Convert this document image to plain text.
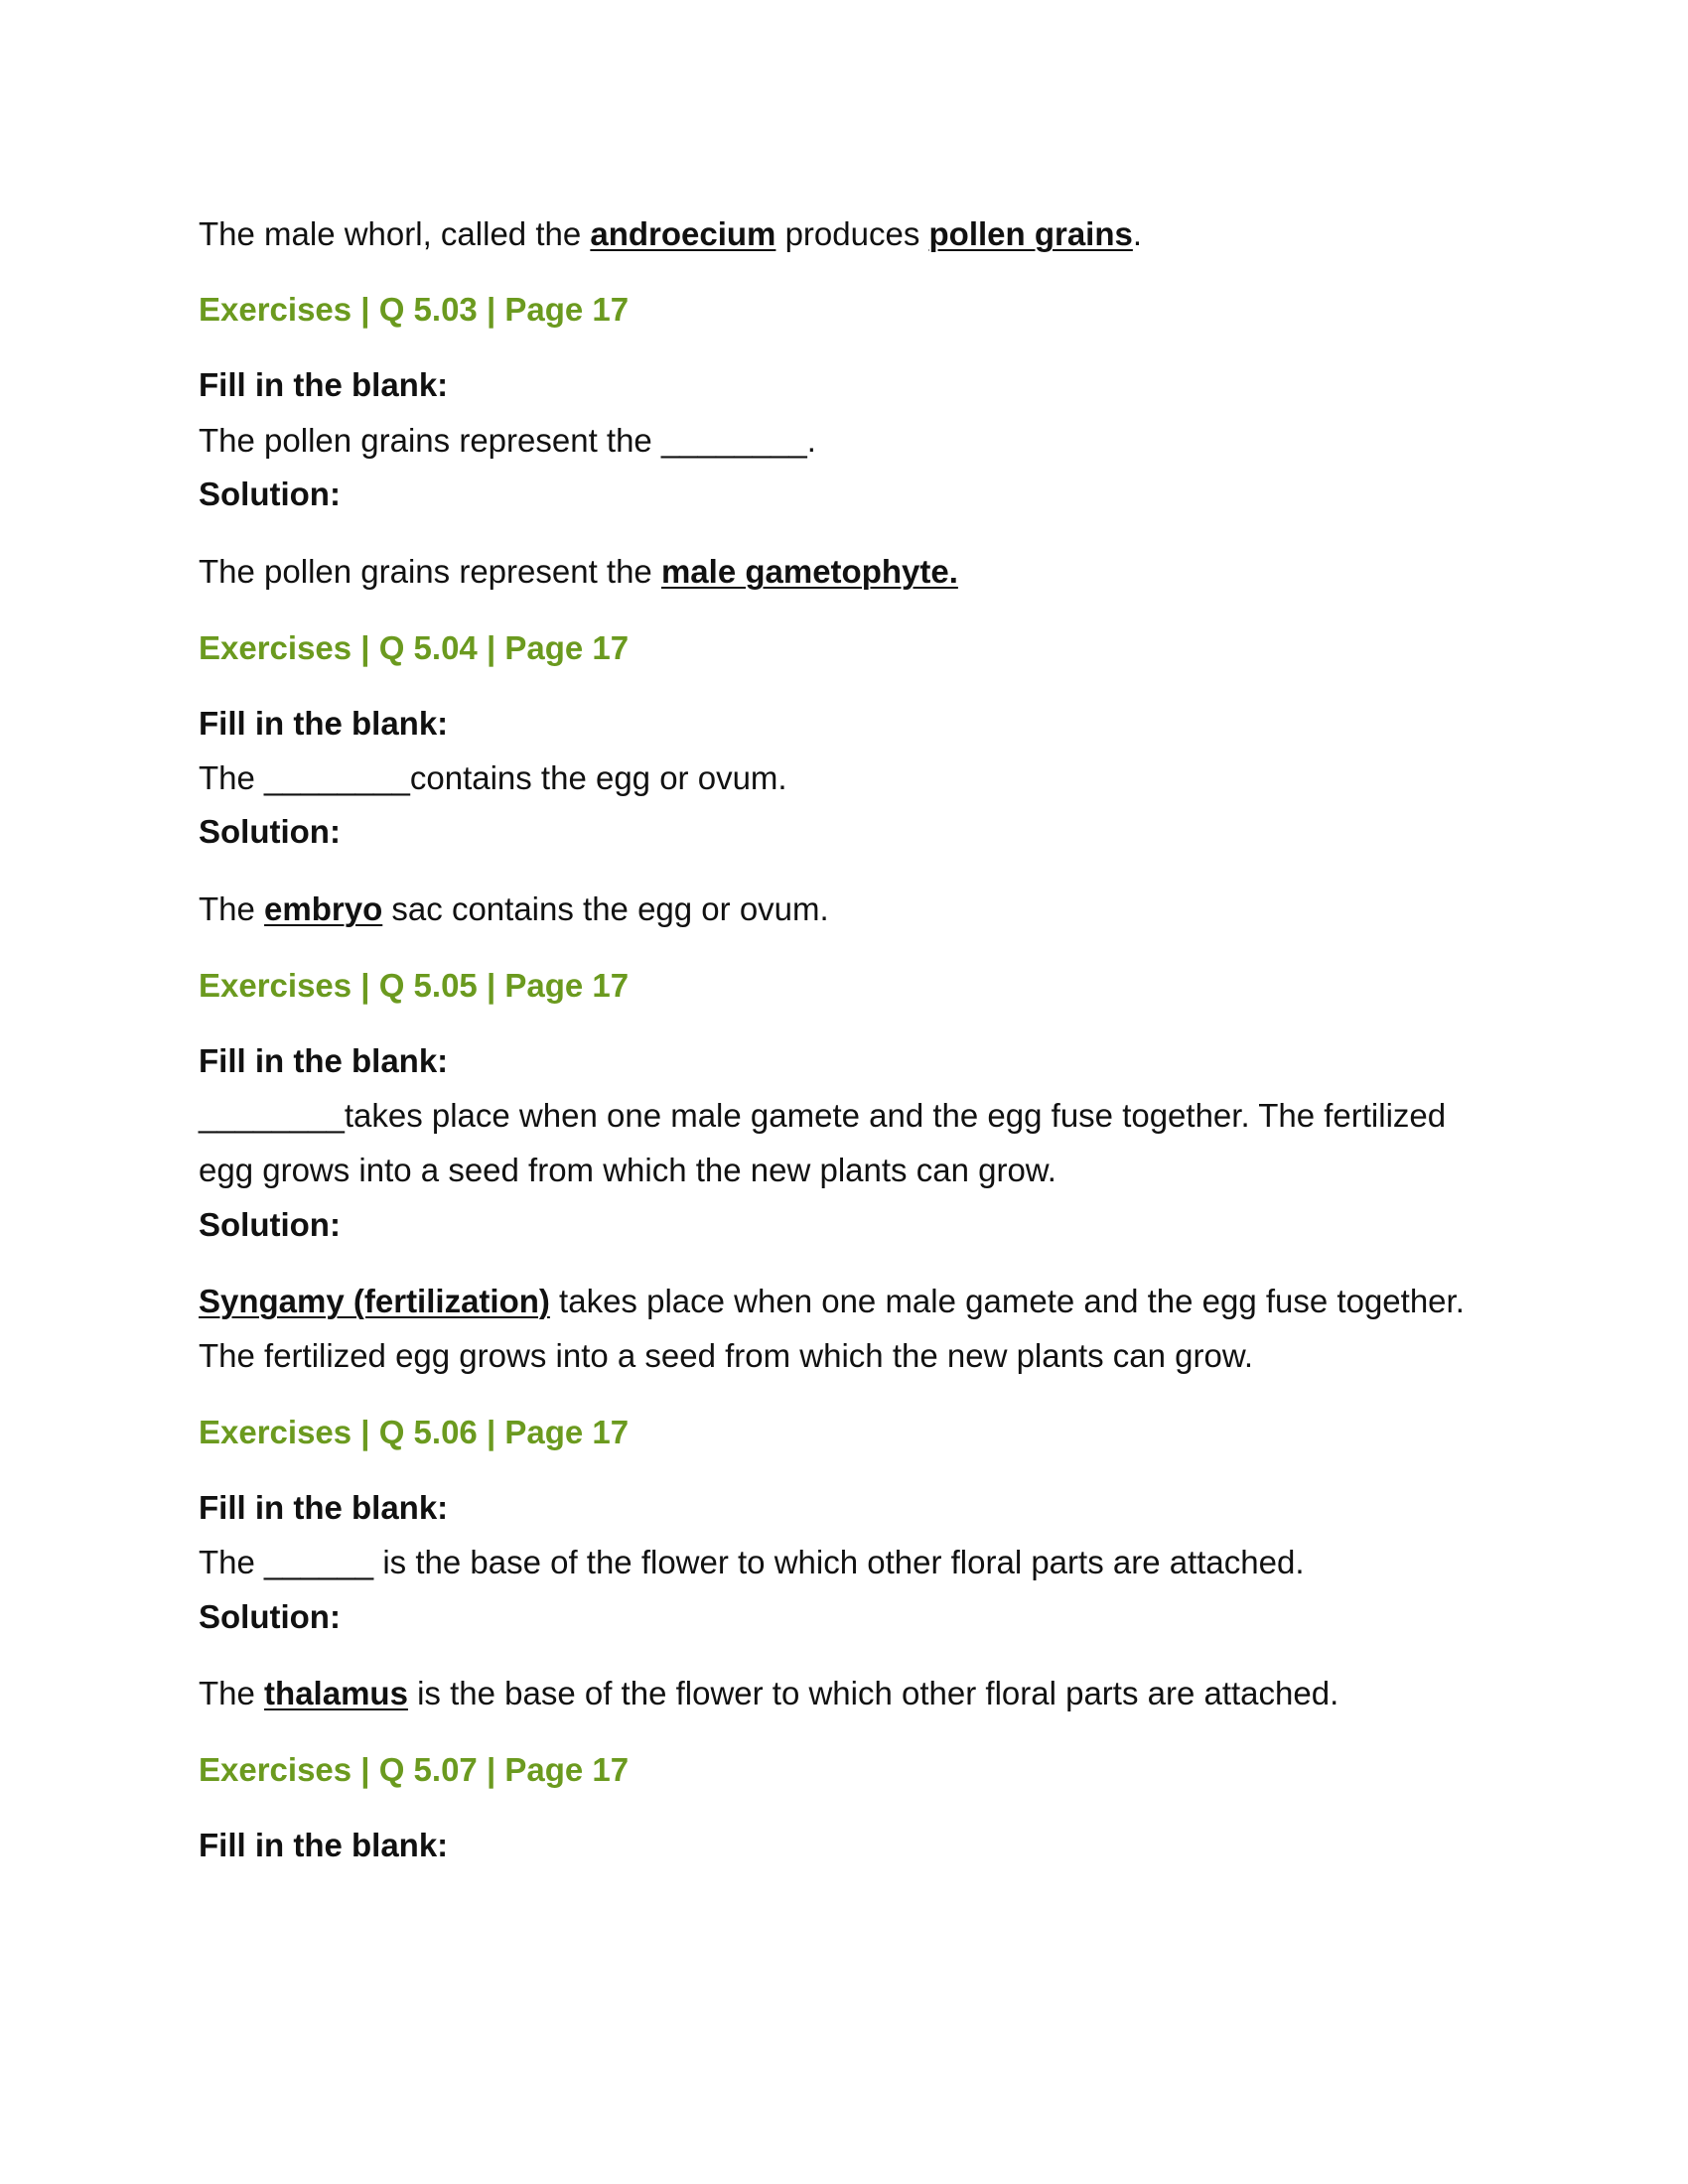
The male whorl, called the androecium produces pollen grains.

Exercises | Q 5.03 | Page 17

Fill in the blank:

The pollen grains represent the ________.

Solution:

The pollen grains represent the male gametophyte.

Exercises | Q 5.04 | Page 17

Fill in the blank:

The ________contains the egg or ovum.

Solution:

The embryo sac contains the egg or ovum.

Exercises | Q 5.05 | Page 17

Fill in the blank:

________takes place when one male gamete and the egg fuse together. The fertilized

egg grows into a seed from which the new plants can grow.

Solution:

Syngamy (fertilization) takes place when one male gamete and the egg fuse together.

The fertilized egg grows into a seed from which the new plants can grow.

Exercises | Q 5.06 | Page 17

Fill in the blank:

The ______ is the base of the flower to which other floral parts are attached.

Solution:

The thalamus is the base of the flower to which other floral parts are attached.

Exercises | Q 5.07 | Page 17

Fill in the blank:
